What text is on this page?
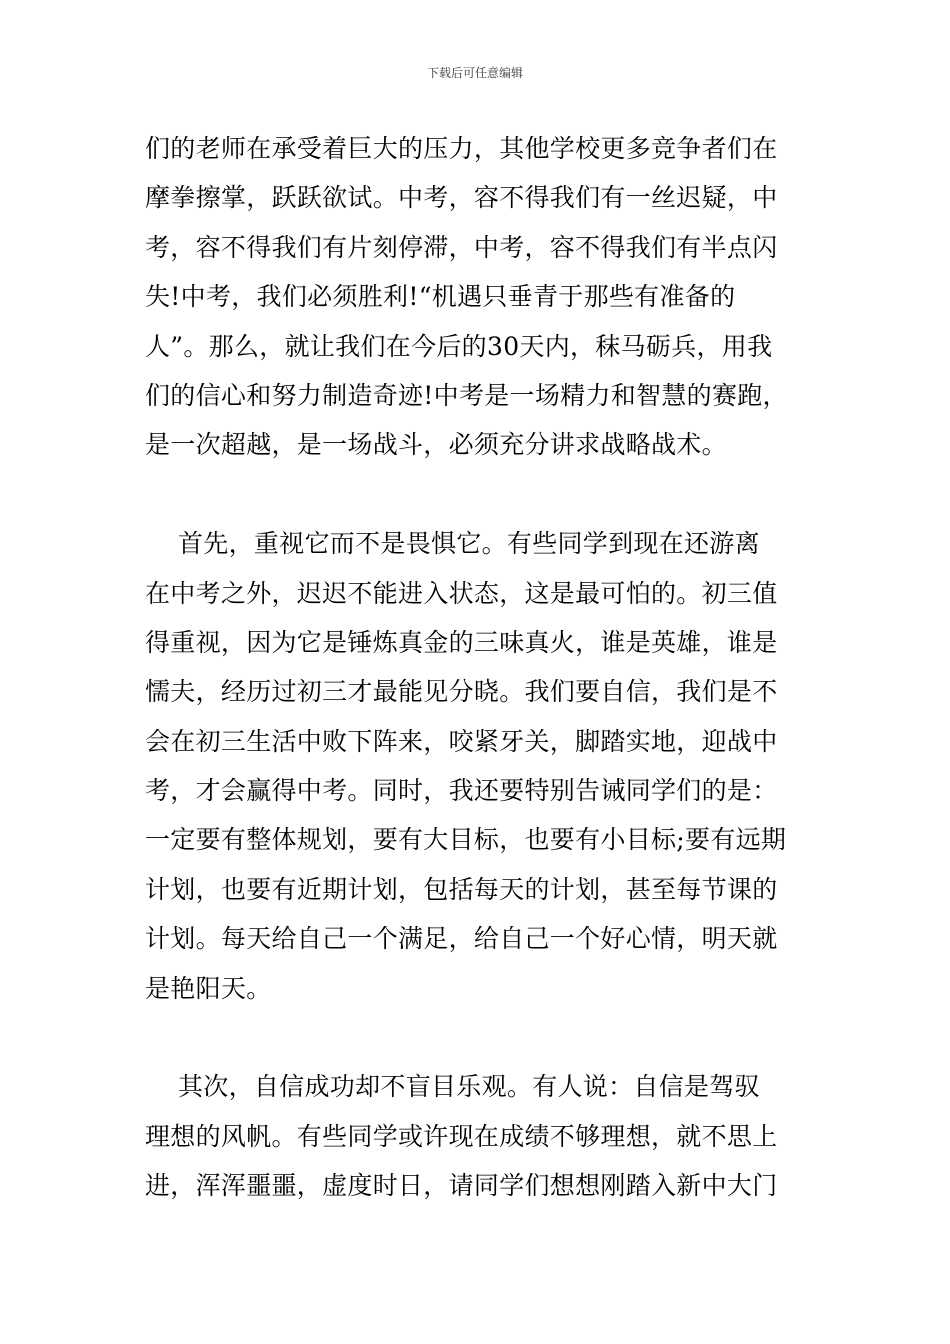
下载后可任意编辑
们的老师在承受着巨大的压力，其他学校更多竞争者们在
摩拳擦掌，跃跃欲试。中考，容不得我们有一丝迟疑，中
考，容不得我们有片刻停滞，中考，容不得我们有半点闪
失!中考，我们必须胜利!“机遇只垂青于那些有准备的
人”。那么，就让我们在今后的30天内，秣马砺兵，用我
们的信心和努力制造奇迹!中考是一场精力和智慧的赛跑，
是一次超越，是一场战斗，必须充分讲求战略战术。
首先，重视它而不是畏惧它。有些同学到现在还游离
在中考之外，迟迟不能进入状态，这是最可怕的。初三值
得重视，因为它是锤炼真金的三味真火，谁是英雄，谁是
懦夫，经历过初三才最能见分晓。我们要自信，我们是不
会在初三生活中败下阵来，咬紧牙关，脚踏实地，迎战中
考，才会赢得中考。同时，我还要特别告诫同学们的是：
一定要有整体规划，要有大目标，也要有小目标;要有远期
计划，也要有近期计划，包括每天的计划，甚至每节课的
计划。每天给自己一个满足，给自己一个好心情，明天就
是艳阳天。
其次，自信成功却不盲目乐观。有人说：自信是驾驭
理想的风帆。有些同学或许现在成绩不够理想，就不思上
进，浑浑噩噩，虚度时日，请同学们想想刚踏入新中大门
